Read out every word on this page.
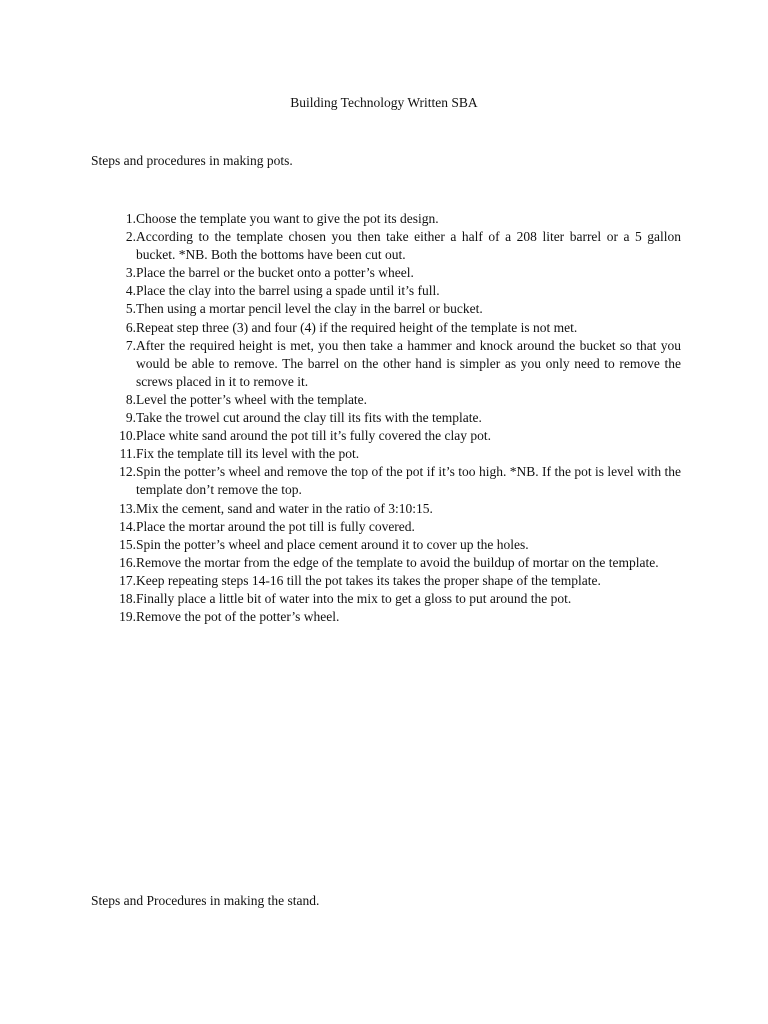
Building Technology Written SBA
Steps and procedures in making pots.
1. Choose the template you want to give the pot its design.
2. According to the template chosen you then take either a half of a 208 liter barrel or a 5 gallon bucket. *NB. Both the bottoms have been cut out.
3. Place the barrel or the bucket onto a potter’s wheel.
4. Place the clay into the barrel using a spade until it’s full.
5. Then using a mortar pencil level the clay in the barrel or bucket.
6. Repeat step three (3) and four (4) if the required height of the template is not met.
7. After the required height is met, you then take a hammer and knock around the bucket so that you would be able to remove. The barrel on the other hand is simpler as you only need to remove the screws placed in it to remove it.
8. Level the potter’s wheel with the template.
9. Take the trowel cut around the clay till its fits with the template.
10. Place white sand around the pot till it’s fully covered the clay pot.
11. Fix the template till its level with the pot.
12. Spin the potter’s wheel and remove the top of the pot if it’s too high. *NB. If the pot is level with the template don’t remove the top.
13. Mix the cement, sand and water in the ratio of 3:10:15.
14. Place the mortar around the pot till is fully covered.
15. Spin the potter’s wheel and place cement around it to cover up the holes.
16. Remove the mortar from the edge of the template to avoid the buildup of mortar on the template.
17. Keep repeating steps 14-16 till the pot takes its takes the proper shape of the template.
18. Finally place a little bit of water into the mix to get a gloss to put around the pot.
19. Remove the pot of the potter’s wheel.
Steps and Procedures in making the stand.
